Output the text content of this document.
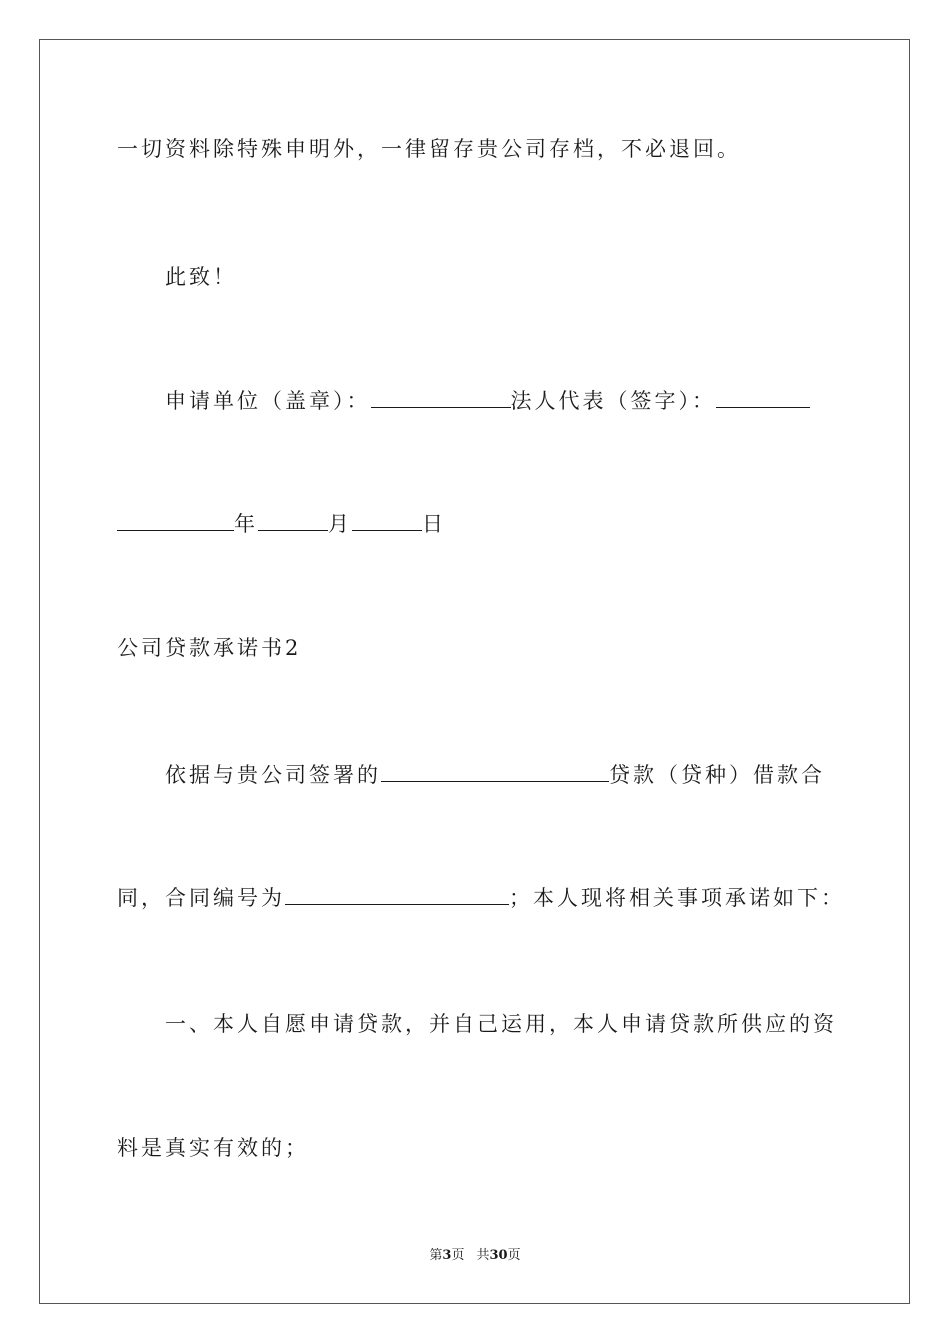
一切资料除特殊申明外，一律留存贵公司存档，不必退回。
此致！
申请单位（盖章）：	法人代表（签字）：
年	月	日
公司贷款承诺书2
依据与贵公司签署的	贷款（贷种）借款合
同，合同编号为	；本人现将相关事项承诺如下：
一、本人自愿申请贷款，并自己运用，本人申请贷款所供应的资
料是真实有效的；
第3页 共30页
